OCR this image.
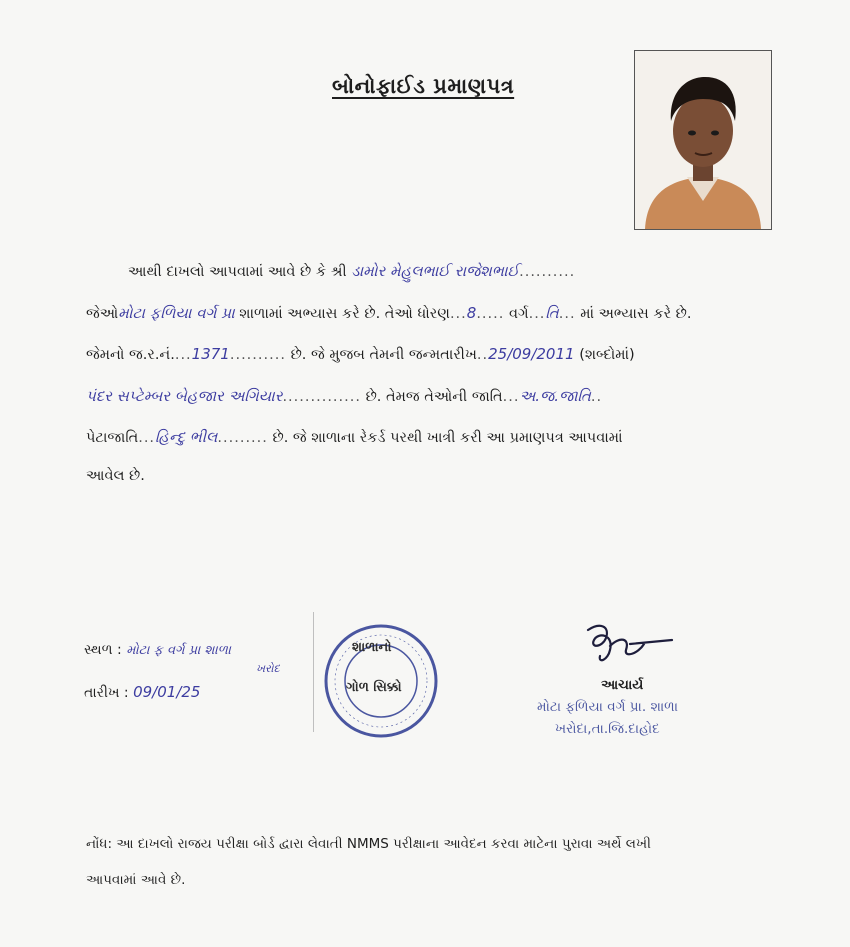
બોનોફાઈડ પ્રમાણપત્ર
આથી દાખલો આપવામાં આવે છે કે શ્રી ડામોર મેહુલભાઈ રાજેશભાઈ..........
જેઓમોટા ફળિયા વર્ગ પ્રા શાળામાં અભ્યાસ કરે છે. તેઓ ધોરણ...8..... વર્ગ...તિ... માં અભ્યાસ કરે છે.
જેમનો જ.ર.નં....1371.......... છે. જે મુજબ તેમની જન્મતારીખ..25/09/2011 (શબ્દોમાં)
પંદર સપ્ટેમ્બર બેહજાર અગિયાર.............. છે. તેમજ તેઓની જાતિ...અ.જ.જાતિ..
પેટાજાતિ...હિન્દુ ભીલ......... છે. જે શાળાના રેકર્ડ પરથી ખાત્રી કરી આ પ્રમાણપત્ર આપવામાં
આવેલ છે.
સ્થળ : મોટા ફ વર્ગ પ્રા શાળા
ખરોદ
તારીખ : 09/01/25
શાળાનો
ગોળ સિક્કો	આચાર્ય
મોટા ફળિયા વર્ગ પ્રા. શાળા
ખરોદા,તા.જિ.દાહોદ
નોંધ: આ દાખલો રાજય પરીક્ષા બોર્ડ દ્વારા લેવાતી NMMS પરીક્ષાના આવેદન કરવા માટેના પુરાવા અર્થે લખી
આપવામાં આવે છે.
